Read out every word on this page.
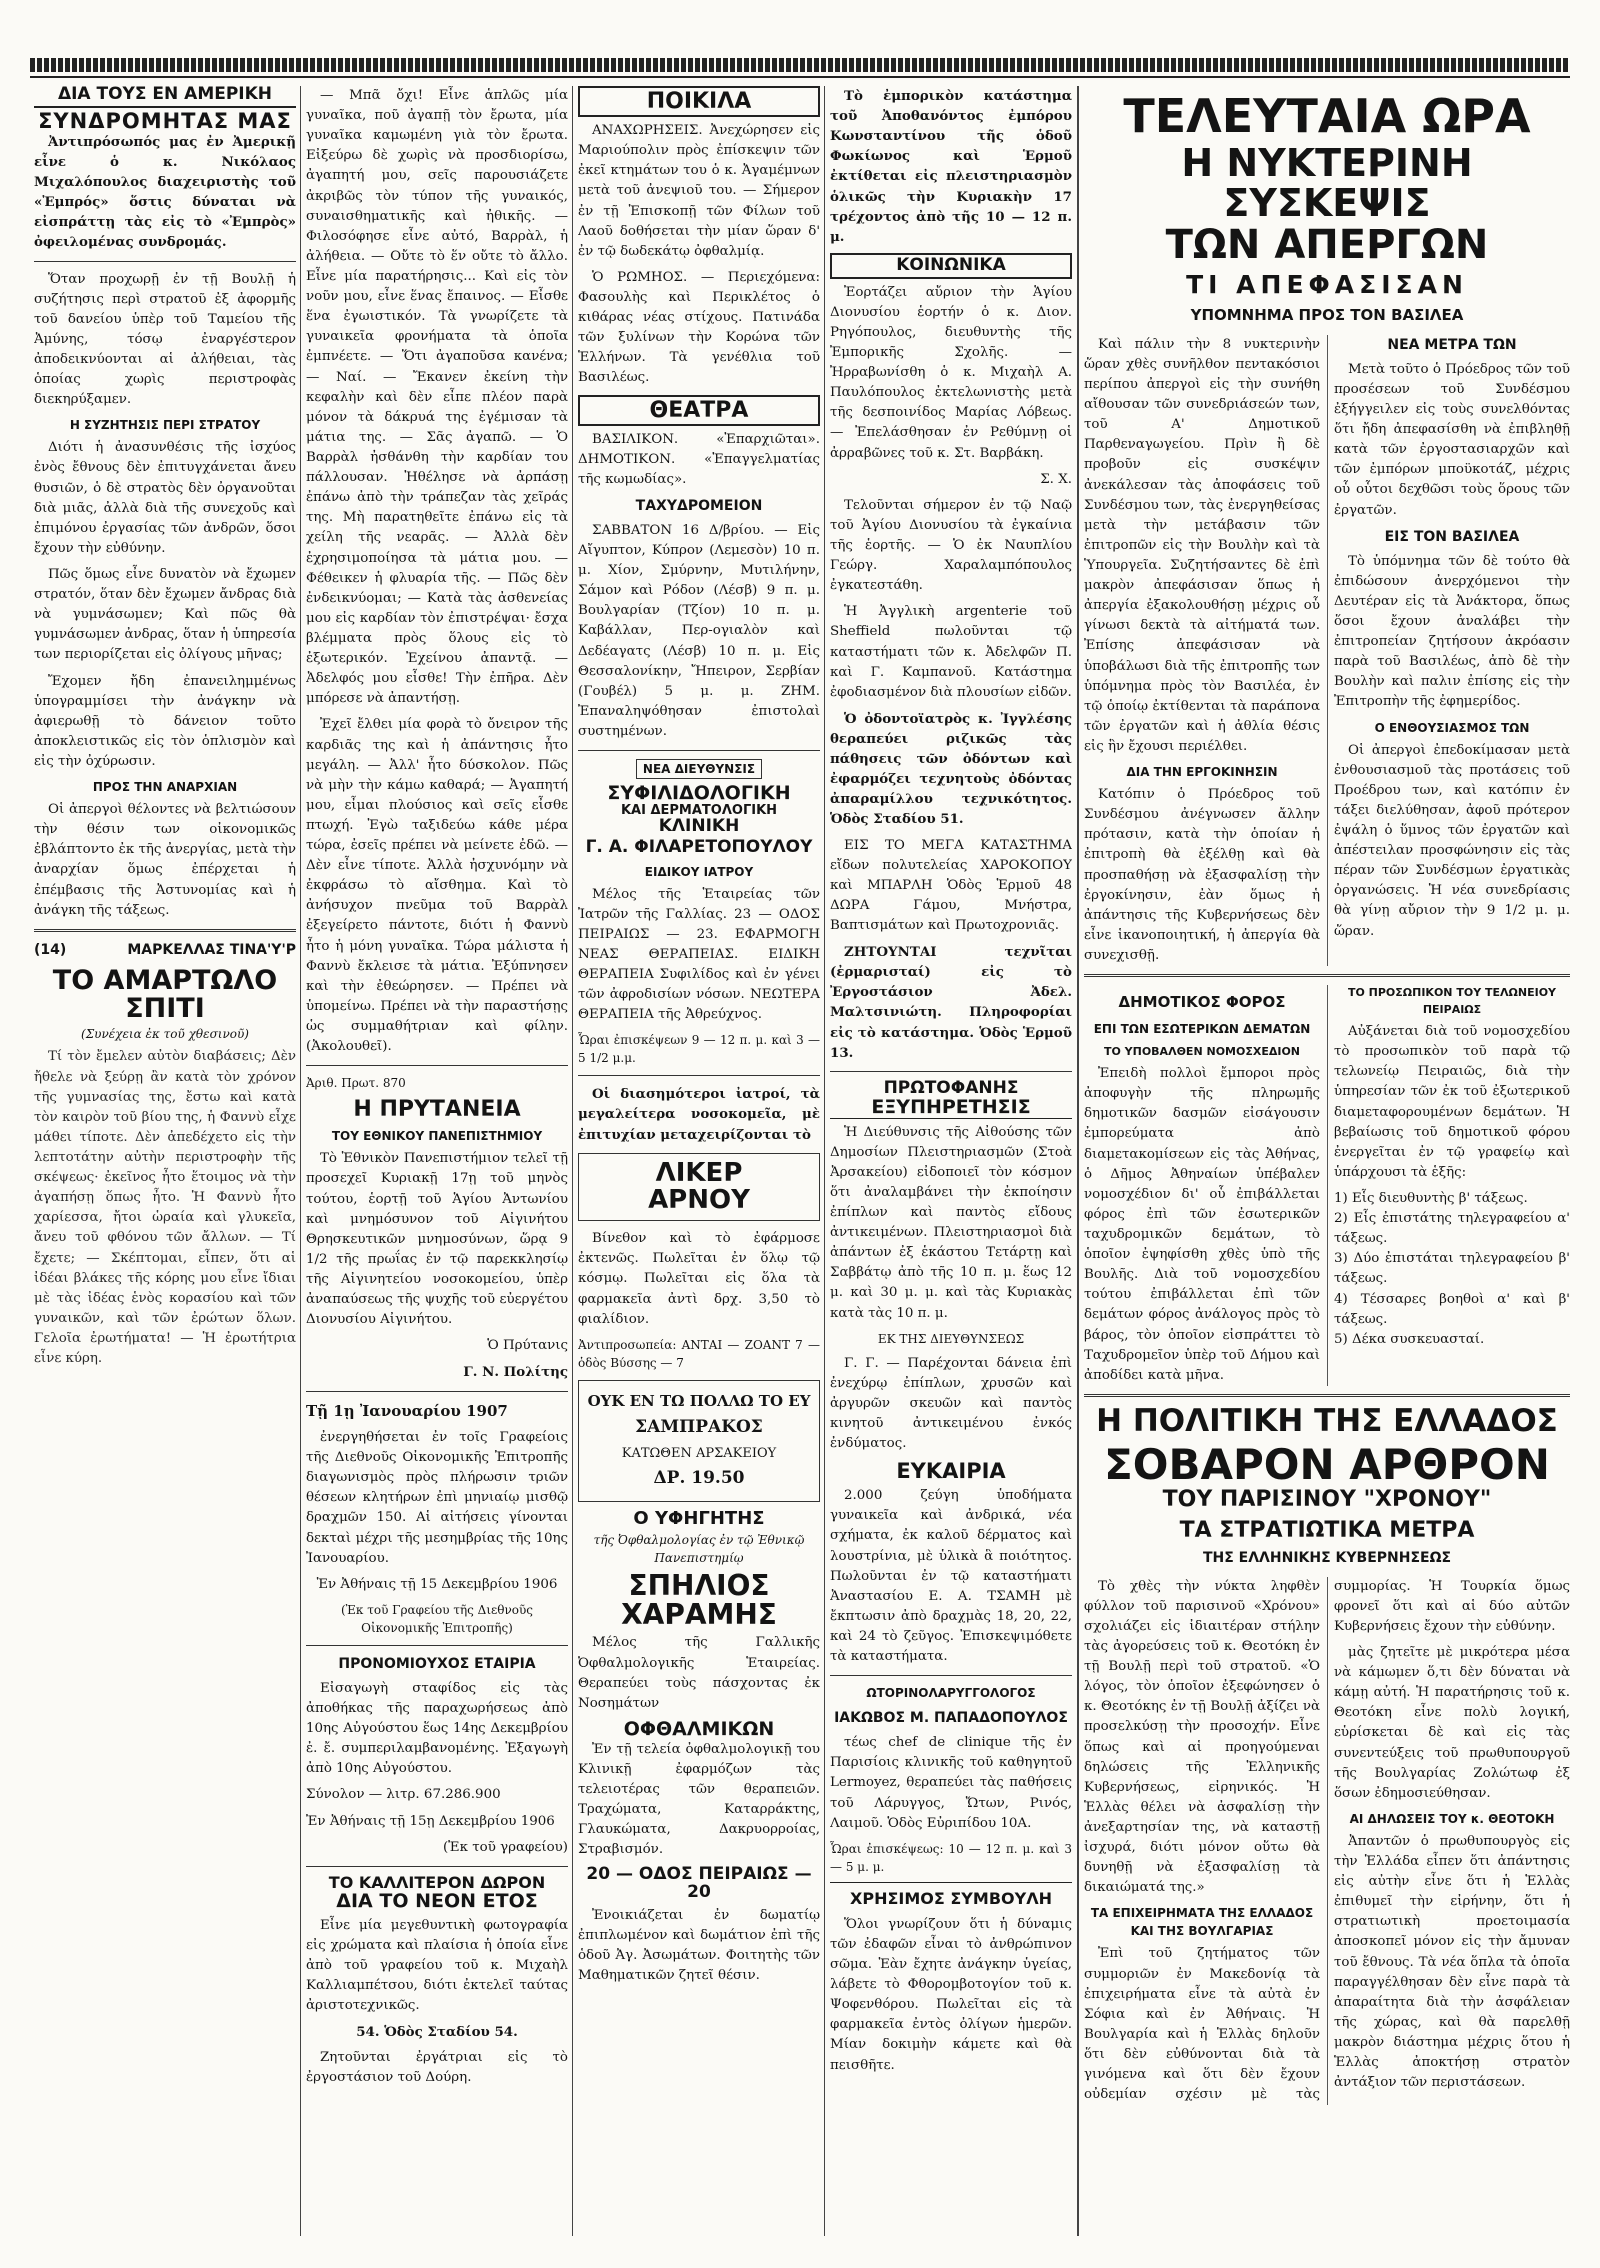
ΔΙΑ ΤΟΥΣ ΕΝ ΑΜΕΡΙΚΗ
ΣΥΝΔΡΟΜΗΤΑΣ ΜΑΣ

Ἀντιπρόσωπός μας ἐν Ἀμερικῇ εἶνε ὁ κ. Νικόλαος Μιχαλόπουλος διαχειριστὴς τοῦ «Ἐμπρός» ὅστις δύναται νὰ εἰσπράττῃ τὰς εἰς τὸ «Ἐμπρὸς» ὀφειλομένας συνδρομάς.

Ὅταν προχωρῇ ἐν τῇ Βουλῇ ἡ συζήτησις περὶ στρατοῦ ἐξ ἀφορμῆς τοῦ δανείου ὑπὲρ τοῦ Ταμείου τῆς Ἀμύνης, τόσῳ ἐναργέστερον ἀποδεικνύονται αἱ ἀλήθειαι, τὰς ὁποίας χωρὶς περιστροφὰς διεκηρύξαμεν.

Η ΣΥΖΗΤΗΣΙΣ ΠΕΡΙ ΣΤΡΑΤΟΥ

Διότι ἡ ἀνασυνθέσις τῆς ἰσχύος ἐνὸς ἔθνους δὲν ἐπιτυγχάνεται ἄνευ θυσιῶν, ὁ δὲ στρατὸς δὲν ὀργανοῦται διὰ μιᾶς, ἀλλὰ διὰ τῆς συνεχοῦς καὶ ἐπιμόνου ἐργασίας τῶν ἀνδρῶν, ὅσοι ἔχουν τὴν εὐθύνην.

Πῶς ὅμως εἶνε δυνατὸν νὰ ἔχωμεν στρατόν, ὅταν δὲν ἔχωμεν ἄνδρας διὰ νὰ γυμνάσωμεν; Καὶ πῶς θὰ γυμνάσωμεν ἀνδρας, ὅταν ἡ ὑπηρεσία των περιορίζεται εἰς ὀλίγους μῆνας;

Ἔχομεν ἤδη ἐπανειλημμένως ὑπογραμμίσει τὴν ἀνάγκην νὰ ἀφιερωθῇ τὸ δάνειον τοῦτο ἀποκλειστικῶς εἰς τὸν ὁπλισμὸν καὶ εἰς τὴν ὀχύρωσιν.

ΠΡΟΣ ΤΗΝ ΑΝΑΡΧΙΑΝ

Οἱ ἀπεργοὶ θέλοντες νὰ βελτιώσουν τὴν θέσιν των οἰκονομικῶς ἐβλάπτοντο ἐκ τῆς ἀνεργίας, μετὰ τὴν ἀναρχίαν ὅμως ἐπέρχεται ἡ ἐπέμβασις τῆς Ἀστυνομίας καὶ ἡ ἀνάγκη τῆς τάξεως.

(14)	ΜΑΡΚΕΛΛΑΣ ΤΙΝΑ'Υ'Ρ
ΤΟ ΑΜΑΡΤΩΛΟ ΣΠΙΤΙ
(Συνέχεια ἐκ τοῦ χθεσινοῦ)

Τί τὸν ἔμελεν αὐτὸν διαβάσεις; Δὲν ἤθελε νὰ ξεύρῃ ἂν κατὰ τὸν χρόνον τῆς γυμνασίας της, ἔστω καὶ κατὰ τὸν καιρὸν τοῦ βίου της, ἡ Φαννὺ εἶχε μάθει τίποτε. Δὲν ἀπεδέχετο εἰς τὴν λεπτοτάτην αὐτὴν περιστροφὴν τῆς σκέψεως· ἐκεῖνος ἦτο ἕτοιμος νὰ τὴν ἀγαπήσῃ ὅπως ἦτο. Ἡ Φαννὺ ἦτο χαρίεσσα, ἤτοι ὡραία καὶ γλυκεῖα, ἄνευ τοῦ φθόνου τῶν ἄλλων. — Τί ἔχετε; — Σκέπτομαι, εἶπεν, ὅτι αἱ ἰδέαι βλάκες τῆς κόρης μου εἶνε ἴδιαι μὲ τὰς ἰδέας ἑνὸς κορασίου καὶ τῶν γυναικῶν, καὶ τῶν ἐρώτων ὅλων. Γελοῖα ἐρωτήματα! — Ἡ ἐρωτήτρια εἶνε κύρη.

— Μπᾶ ὄχι! Εἶνε ἁπλῶς μία γυναῖκα, ποῦ ἀγαπῇ τὸν ἔρωτα, μία γυναῖκα καμωμένη γιὰ τὸν ἔρωτα. Εἰξεύρω δὲ χωρὶς νὰ προσδιορίσω, ἀγαπητή μου, σεῖς παρουσιάζετε ἀκριβῶς τὸν τύπον τῆς γυναικός, συναισθηματικῆς καὶ ἠθικῆς. — Φιλοσόφησε εἶνε αὐτό, Βαρρὰλ, ἡ ἀλήθεια. — Οὔτε τὸ ἕν οὔτε τὸ ἄλλο. Εἶνε μία παρατήρησις... Καὶ εἰς τὸν νοῦν μου, εἶνε ἕνας ἔπαινος. — Εἶσθε ἕνα ἐγωιστικόν. Τὰ γνωρίζετε τὰ γυναικεῖα φρονήματα τὰ ὁποῖα ἐμπνέετε. — Ὅτι ἀγαποῦσα κανένα; — Ναί. — Ἔκανεν ἐκείνη τὴν κεφαλὴν καὶ δὲν εἶπε πλέον παρὰ μόνον τὰ δάκρυά της ἐγέμισαν τὰ μάτια της. — Σᾶς ἀγαπῶ. — Ὁ Βαρρὰλ ἠσθάνθη τὴν καρδίαν του πάλλουσαν. Ἠθέλησε νὰ ἀρπάσῃ ἐπάνω ἀπὸ τὴν τράπεζαν τὰς χεῖράς της. Μὴ παρατηθεῖτε ἐπάνω εἰς τὰ χείλη τῆς νεαρᾶς. — Ἀλλὰ δὲν ἐχρησιμοποίησα τὰ μάτια μου. — Φέθεικεν ἡ φλυαρία τῆς. — Πῶς δὲν ἐνδεικνύομαι; — Κατὰ τὰς ἀσθενείας μου εἰς καρδίαν τὸν ἐπιστρέψαι· ἔσχα βλέμματα πρὸς ὅλους εἰς τὸ ἐξωτερικόν. Ἐχείνου ἀπαντᾷ. — Ἀδελφός μου εἶσθε! Τὴν ἐπῆρα. Δὲν μπόρεσε νὰ ἀπαντήσῃ.

Ἐχεῖ ἔλθει μία φορὰ τὸ ὄνειρον τῆς καρδιᾶς της καὶ ἡ ἀπάντησις ἦτο μεγάλη. — Ἀλλ' ἦτο δύσκολον. Πῶς νὰ μὴν τὴν κάμω καθαρά; — Ἀγαπητή μου, εἶμαι πλούσιος καὶ σεῖς εἶσθε πτωχή. Ἐγὼ ταξιδεύω κάθε μέρα τώρα, ἐσεῖς πρέπει νὰ μείνετε ἐδῶ. — Δὲν εἶνε τίποτε. Ἀλλὰ ἠσχυνόμην νὰ ἐκφράσω τὸ αἴσθημα. Καὶ τὸ ἀνήσυχον πνεῦμα τοῦ Βαρρὰλ ἐξεγείρετο πάντοτε, διότι ἡ Φαννὺ ἦτο ἡ μόνη γυναῖκα. Τώρα μάλιστα ἡ Φαννὺ ἔκλεισε τὰ μάτια. Ἐξύπνησεν καὶ τὴν ἐθεώρησεν. — Πρέπει νὰ ὑπομείνω. Πρέπει νὰ τὴν παραστήσῃς ὡς συμμαθήτριαν καὶ φίλην. (Ἀκολουθεῖ).

Ἀριθ. Πρωτ. 870

Η ΠΡΥΤΑΝΕΙΑ
ΤΟΥ ΕΘΝΙΚΟΥ ΠΑΝΕΠΙΣΤΗΜΙΟΥ

Τὸ Ἐθνικὸν Πανεπιστήμιον τελεῖ τῇ προσεχεῖ Κυριακῇ 17ῃ τοῦ μηνὸς τούτου, ἑορτῇ τοῦ Ἁγίου Ἀντωνίου καὶ μνημόσυνον τοῦ Αἰγινήτου Θρησκευτικῶν μνημοσύνων, ὥρᾳ 9 1/2 τῆς πρωΐας ἐν τῷ παρεκκλησίῳ τῆς Αἰγινητείου νοσοκομείου, ὑπὲρ ἀναπαύσεως τῆς ψυχῆς τοῦ εὐεργέτου Διονυσίου Αἰγινήτου.

Ὁ Πρύτανις

Γ. Ν. Πολίτης

Τῇ 1ῃ Ἰανουαρίου 1907

ἐνεργηθήσεται ἐν τοῖς Γραφείοις τῆς Διεθνοῦς Οἰκονομικῆς Ἐπιτροπῆς διαγωνισμὸς πρὸς πλήρωσιν τριῶν θέσεων κλητήρων ἐπὶ μηνιαίῳ μισθῷ δραχμῶν 150. Αἱ αἰτήσεις γίνονται δεκταὶ μέχρι τῆς μεσημβρίας τῆς 10ης Ἰανουαρίου.

Ἐν Ἀθήναις τῇ 15 Δεκεμβρίου 1906

(Ἐκ τοῦ Γραφείου τῆς Διεθνοῦς Οἰκονομικῆς Ἐπιτροπῆς)

ΠΡΟΝΟΜΙΟΥΧΟΣ ΕΤΑΙΡΙΑ

Εἰσαγωγὴ σταφίδος εἰς τὰς ἀποθήκας τῆς παραχωρήσεως ἀπὸ 10ης Αὐγούστου ἕως 14ης Δεκεμβρίου ἐ. ἔ. συμπεριλαμβανομένης. Ἐξαγωγὴ ἀπὸ 10ης Αὐγούστου.

Σύνολον — λιτρ. 67.286.900

Ἐν Ἀθήναις τῇ 15ῃ Δεκεμβρίου 1906

(Ἐκ τοῦ γραφείου)

ΤΟ ΚΑΛΛΙΤΕΡΟΝ ΔΩΡΟΝ
ΔΙΑ ΤΟ ΝΕΟΝ ΕΤΟΣ

Εἶνε μία μεγεθυντικὴ φωτογραφία εἰς χρώματα καὶ πλαίσια ἡ ὁποία εἶνε ἀπὸ τοῦ γραφείου τοῦ κ. Μιχαὴλ Καλλιαμπέτσου, διότι ἐκτελεῖ ταύτας ἀριστοτεχνικῶς.

54. Ὁδὸς Σταδίου 54.

Ζητοῦνται ἐργάτριαι εἰς τὸ ἐργοστάσιον τοῦ Δούρη.

ΠΟΙΚΙΛΑ

ΑΝΑΧΩΡΗΣΕΙΣ. Ἀνεχώρησεν εἰς Μαριούπολιν πρὸς ἐπίσκεψιν τῶν ἐκεῖ κτημάτων του ὁ κ. Ἀγαμέμνων μετὰ τοῦ ἀνεψιοῦ του. — Σήμερον ἐν τῇ Ἐπισκοπῇ τῶν Φίλων τοῦ Λαοῦ δοθήσεται τὴν μίαν ὥραν δ' ἐν τῷ δωδεκάτῳ ὀφθαλμίᾳ.

Ὁ ΡΩΜΗΟΣ. — Περιεχόμενα: Φασουλὴς καὶ Περικλέτος ὁ κιθάρας νέας στίχους. Πατινάδα τῶν ξυλίνων τὴν Κορώνα τῶν Ἑλλήνων. Τὰ γενέθλια τοῦ Βασιλέως.

ΘΕΑΤΡΑ

ΒΑΣΙΛΙΚΟΝ. «Ἐπαρχιῶται». ΔΗΜΟΤΙΚΟΝ. «Ἐπαγγελματίας τῆς κωμωδίας».

ΤΑΧΥΔΡΟΜΕΙΟΝ

ΣΑΒΒΑΤΟΝ 16 Δ/βρίου. — Εἰς Αἴγυπτον, Κύπρον (Λεμεσὸν) 10 π. μ. Χίον, Σμύρνην, Μυτιλήνην, Σάμον καὶ Ρόδον (Λέσβ) 9 π. μ. Βουλγαρίαν (Τζίον) 10 π. μ. Καβάλλαν, Περ-ογιαλὸν καὶ Δεδέαγατς (Λέσβ) 10 π. μ. Εἰς Θεσσαλονίκην, Ἤπειρον, Σερβίαν (Γουβέλ) 5 μ. μ. ΖΗΜ. Ἐπαναληψόθησαν ἐπιστολαὶ συστημένων.

ΝΕΑ ΔΙΕΥΘΥΝΣΙΣ
ΣΥΦΙΛΙΔΟΛΟΓΙΚΗ
ΚΑΙ ΔΕΡΜΑΤΟΛΟΓΙΚΗ
ΚΛΙΝΙΚΗ
Γ. Α. ΦΙΛΑΡΕΤΟΠΟΥΛΟΥ
ΕΙΔΙΚΟΥ ΙΑΤΡΟΥ

Μέλος τῆς Ἑταιρείας τῶν Ἰατρῶν τῆς Γαλλίας. 23 — ΟΔΟΣ ΠΕΙΡΑΙΩΣ — 23. ΕΦΑΡΜΟΓΗ ΝΕΑΣ ΘΕΡΑΠΕΙΑΣ. ΕΙΔΙΚΗ ΘΕΡΑΠΕΙΑ Συφιλίδος καὶ ἐν γένει τῶν ἀφροδισίων νόσων. ΝΕΩΤΕΡΑ ΘΕΡΑΠΕΙΑ τῆς Ἀθρεύχνος.

Ὧραι ἐπισκέψεων 9 — 12 π. μ. καὶ 3 — 5 1/2 μ.μ.

Οἱ διασημότεροι ἰατροί, τὰ μεγαλείτερα νοσοκομεῖα, μὲ ἐπιτυχίαν μεταχειρίζονται τὸ

ΛΙΚΕΡ
ΑΡΝΟΥ

Βίνεθον καὶ τὸ ἐφάρμοσε ἐκτενῶς. Πωλεῖται ἐν ὅλῳ τῷ κόσμῳ. Πωλεῖται εἰς ὅλα τὰ φαρμακεῖα ἀντὶ δρχ. 3,50 τὸ φιαλίδιον.

Ἀντιπροσωπεία: ΑΝΤΑΙ — ΖΟΑΝΤ 7 — ὁδὸς Βύσσης — 7

ΟΥΚ ΕΝ ΤΩ ΠΟΛΛΩ ΤΟ ΕΥ

ΣΑΜΠΡΑΚΟΣ

ΚΑΤΩΘΕΝ ΑΡΣΑΚΕΙΟΥ

ΔΡ. 19.50

Ο ΥΦΗΓΗΤΗΣ
τῆς Ὀφθαλμολογίας ἐν τῷ Ἐθνικῷ Πανεπιστημίῳ
ΣΠΗΛΙΟΣ
ΧΑΡΑΜΗΣ

Μέλος τῆς Γαλλικῆς Ὀφθαλμολογικῆς Ἑταιρείας. Θεραπεύει τοὺς πάσχοντας ἐκ Νοσημάτων

ΟΦΘΑΛΜΙΚΩΝ

Ἐν τῇ τελεία ὀφθαλμολογικῇ του Κλινικῇ ἐφαρμόζων τὰς τελειοτέρας τῶν θεραπειῶν. Τραχώματα, Καταρράκτης, Γλαυκώματα, Δακρυορροίας, Στραβισμόν.

20 — ΟΔΟΣ ΠΕΙΡΑΙΩΣ — 20

Ἐνοικιάζεται ἐν δωματίῳ ἐπιπλωμένον καὶ δωμάτιον ἐπὶ τῆς ὁδοῦ Ἀγ. Ἀσωμάτων. Φοιτητὴς τῶν Μαθηματικῶν ζητεῖ θέσιν.

Τὸ ἐμπορικὸν κατάστημα τοῦ Ἀποθανόντος ἐμπόρου Κωνσταντίνου τῆς ὁδοῦ Φωκίωνος καὶ Ἑρμοῦ ἐκτίθεται εἰς πλειστηριασμὸν ὁλικῶς τὴν Κυριακὴν 17 τρέχοντος ἀπὸ τῆς 10 — 12 π. μ.

ΚΟΙΝΩΝΙΚΑ

Ἐορτάζει αὔριον τὴν Ἁγίου Διονυσίου ἑορτήν ὁ κ. Διον. Ρηγόπουλος, διευθυντὴς τῆς Ἐμπορικῆς Σχολῆς. — Ἠρραβωνίσθη ὁ κ. Μιχαὴλ Α. Παυλόπουλος ἐκτελωνιστὴς μετὰ τῆς δεσποινίδος Μαρίας Λόβεως. — Ἐπελάσθησαν ἐν Ρεθύμνῃ οἱ ἀρραβῶνες τοῦ κ. Στ. Βαρβάκη.

Σ. Χ.

Τελοῦνται σήμερον ἐν τῷ Ναῷ τοῦ Ἁγίου Διονυσίου τὰ ἐγκαίνια τῆς ἑορτῆς. — Ὁ ἐκ Ναυπλίου Γεώργ. Χαραλαμπόπουλος ἐγκατεστάθη.

Ἡ Ἀγγλικὴ argenterie τοῦ Sheffield πωλοῦνται τῷ καταστήματι τῶν κ. Ἀδελφῶν Π. καὶ Γ. Καμπανοῦ. Κατάστημα ἐφοδιασμένον διὰ πλουσίων εἰδῶν.

Ὁ ὀδοντοϊατρὸς κ. Ἰγγλέσης θεραπεύει ριζικῶς τὰς πάθησεις τῶν ὀδόντων καὶ ἐφαρμόζει τεχνητοὺς ὀδόντας ἀπαραμίλλου τεχνικότητος. Ὁδὸς Σταδίου 51.

ΕΙΣ ΤΟ ΜΕΓΑ ΚΑΤΑΣΤΗΜΑ εἴδων πολυτελείας ΧΑΡΟΚΟΠΟΥ καὶ ΜΠΑΡΛΗ Ὁδὸς Ἑρμοῦ 48 ΔΩΡΑ Γάμου, Μνήστρα, Βαπτισμάτων καὶ Πρωτοχρονιᾶς.

ΖΗΤΟΥΝΤΑΙ τεχνῖται (ἐρμαρισταί) εἰς τὸ Ἐργοστάσιον Ἀδελ. Μαλτσινιώτη. Πληροφορίαι εἰς τὸ κατάστημα. Ὁδὸς Ἑρμοῦ 13.

ΠΡΩΤΟΦΑΝΗΣ
ΕΞΥΠΗΡΕΤΗΣΙΣ

Ἡ Διεύθυνσις τῆς Αἰθούσης τῶν Δημοσίων Πλειστηριασμῶν (Στοὰ Ἀρσακείου) εἰδοποιεῖ τὸν κόσμον ὅτι ἀναλαμβάνει τὴν ἐκποίησιν ἐπίπλων καὶ παντὸς εἴδους ἀντικειμένων. Πλειστηριασμοὶ διὰ ἀπάντων ἐξ ἑκάστου Τετάρτῃ καὶ Σαββάτῳ ἀπὸ τῆς 10 π. μ. ἕως 12 μ. καὶ 30 μ. μ. καὶ τὰς Κυριακὰς κατὰ τὰς 10 π. μ.

ΕΚ ΤΗΣ ΔΙΕΥΘΥΝΣΕΩΣ

Γ. Γ. — Παρέχονται δάνεια ἐπὶ ἐνεχύρῳ ἐπίπλων, χρυσῶν καὶ ἀργυρῶν σκευῶν καὶ παντὸς κινητοῦ ἀντικειμένου ἐνκός ἐνδύματος.

ΕΥΚΑΙΡΙΑ

2.000 ζεύγη ὑποδήματα γυναικεῖα καὶ ἀνδρικά, νέα σχήματα, ἐκ καλοῦ δέρματος καὶ λουστρίνια, μὲ ὑλικὰ ἃ ποιότητος. Πωλοῦνται ἐν τῷ καταστήματι Ἀναστασίου Ε. Α. ΤΣΑΜΗ μὲ ἔκπτωσιν ἀπὸ δραχμὰς 18, 20, 22, καὶ 24 τὸ ζεῦγος. Ἐπισκεψιμόθετε τὰ καταστήματα.

ΩΤΟΡΙΝΟΛΑΡΥΓΓΟΛΟΓΟΣ
ΙΑΚΩΒΟΣ Μ. ΠΑΠΑΔΟΠΟΥΛΟΣ

τέως chef de clinique τῆς ἐν Παρισίοις κλινικῆς τοῦ καθηγητοῦ Lermoyez, θεραπεύει τὰς παθήσεις τοῦ Λάρυγγος, Ὤτων, Ρινός, Λαιμοῦ. Ὁδὸς Εὐριπίδου 10Α.

Ὧραι ἐπισκέψεως: 10 — 12 π. μ. καὶ 3 — 5 μ. μ.

ΧΡΗΣΙΜΟΣ ΣΥΜΒΟΥΛΗ

Ὅλοι γνωρίζουν ὅτι ἡ δύναμις τῶν ἐδαφῶν εἶναι τὸ ἀνθρώπινον σῶμα. Ἐὰν ἔχητε ἀνάγκην ὑγείας, λάβετε τὸ Φθορομβοτογίον τοῦ κ. Ψοφενθόρου. Πωλεῖται εἰς τὰ φαρμακεῖα ἐντὸς ὀλίγων ἡμερῶν. Μίαν δοκιμὴν κάμετε καὶ θὰ πεισθῆτε.

ΤΕΛΕΥΤΑΙΑ ΩΡΑ
Η ΝΥΚΤΕΡΙΝΗ ΣΥΣΚΕΨΙΣ
ΤΩΝ ΑΠΕΡΓΩΝ
ΤΙ ΑΠΕΦΑΣΙΣΑΝ
ΥΠΟΜΝΗΜΑ ΠΡΟΣ ΤΟΝ ΒΑΣΙΛΕΑ

Καὶ πάλιν τὴν 8 νυκτερινὴν ὥραν χθὲς συνῆλθον πεντακόσιοι περίπου ἀπεργοὶ εἰς τὴν συνήθη αἴθουσαν τῶν συνεδριάσεών των, τοῦ Α' Δημοτικοῦ Παρθεναγωγείου. Πρὶν ἢ δὲ προβοῦν εἰς συσκέψιν ἀνεκάλεσαν τὰς ἀποφάσεις τοῦ Συνδέσμου των, τὰς ἐνεργηθείσας μετὰ τὴν μετάβασιν τῶν ἐπιτροπῶν εἰς τὴν Βουλὴν καὶ τὰ Ὑπουργεῖα. Συζητήσαντες δὲ ἐπὶ μακρὸν ἀπεφάσισαν ὅπως ἡ ἀπεργία ἐξακολουθήσῃ μέχρις οὗ γίνωσι δεκτὰ τὰ αἰτήματά των. Ἐπίσης ἀπεφάσισαν νὰ ὑποβάλωσι διὰ τῆς ἐπιτροπῆς των ὑπόμνημα πρὸς τὸν Βασιλέα, ἐν τῷ ὁποίῳ ἐκτίθενται τὰ παράπονα τῶν ἐργατῶν καὶ ἡ ἀθλία θέσις εἰς ἣν ἔχουσι περιέλθει.

ΔΙΑ ΤΗΝ ΕΡΓΟΚΙΝΗΣΙΝ

Κατόπιν ὁ Πρόεδρος τοῦ Συνδέσμου ἀνέγνωσεν ἄλλην πρότασιν, κατὰ τὴν ὁποίαν ἡ ἐπιτροπὴ θὰ ἐξέλθῃ καὶ θὰ προσπαθήσῃ νὰ ἐξασφαλίσῃ τὴν ἐργοκίνησιν, ἐὰν ὅμως ἡ ἀπάντησις τῆς Κυβερνήσεως δὲν εἶνε ἱκανοποιητική, ἡ ἀπεργία θὰ συνεχισθῇ.

ΝΕΑ ΜΕΤΡΑ ΤΩΝ

Μετὰ τοῦτο ὁ Πρόεδρος τῶν τοῦ προσέσεων τοῦ Συνδέσμου ἐξήγγειλεν εἰς τοὺς συνελθόντας ὅτι ἤδη ἀπεφασίσθη νὰ ἐπιβληθῇ κατὰ τῶν ἐργοστασιαρχῶν καὶ τῶν ἐμπόρων μποϋκοτάζ, μέχρις οὗ οὗτοι δεχθῶσι τοὺς ὅρους τῶν ἐργατῶν.

ΕΙΣ ΤΟΝ ΒΑΣΙΛΕΑ

Τὸ ὑπόμνημα τῶν δὲ τούτο θὰ ἐπιδώσουν ἀνερχόμενοι τὴν Δευτέραν εἰς τὰ Ἀνάκτορα, ὅπως ὅσοι ἔχουν ἀναλάβει τὴν ἐπιτροπείαν ζητήσουν ἀκρόασιν παρὰ τοῦ Βασιλέως, ἀπὸ δὲ τὴν Βουλὴν καὶ παλιν ἐπίσης εἰς τὴν Ἐπιτροπὴν τῆς ἐφημερίδος.

Ο ΕΝΘΟΥΣΙΑΣΜΟΣ ΤΩΝ

Οἱ ἀπεργοὶ ἐπεδοκίμασαν μετὰ ἐνθουσιασμοῦ τὰς προτάσεις τοῦ Προέδρου των, καὶ κατόπιν ἐν τάξει διελύθησαν, ἀφοῦ πρότερον ἐψάλη ὁ ὕμνος τῶν ἐργατῶν καὶ ἀπέστειλαν προσφώνησιν εἰς τὰς πέραν τῶν Συνδέσμων ἐργατικὰς ὀργανώσεις. Ἡ νέα συνεδρίασις θὰ γίνῃ αὔριον τὴν 9 1/2 μ. μ. ὥραν.

ΔΗΜΟΤΙΚΟΣ ΦΟΡΟΣ
ΕΠΙ ΤΩΝ ΕΣΩΤΕΡΙΚΩΝ ΔΕΜΑΤΩΝ
ΤΟ ΥΠΟΒΑΛΘΕΝ ΝΟΜΟΣΧΕΔΙΟΝ

Ἐπειδὴ πολλοὶ ἔμποροι πρὸς ἀποφυγὴν τῆς πληρωμῆς δημοτικῶν δασμῶν εἰσάγουσιν ἐμπορεύματα ἀπὸ διαμετακομίσεων εἰς τὰς Ἀθήνας, ὁ Δῆμος Ἀθηναίων ὑπέβαλεν νομοσχέδιον δι' οὗ ἐπιβάλλεται φόρος ἐπὶ τῶν ἐσωτερικῶν ταχυδρομικῶν δεμάτων, τὸ ὁποῖον ἐψηφίσθη χθὲς ὑπὸ τῆς Βουλῆς. Διὰ τοῦ νομοσχεδίου τούτου ἐπιβάλλεται ἐπὶ τῶν δεμάτων φόρος ἀνάλογος πρὸς τὸ βάρος, τὸν ὁποῖον εἰσπράττει τὸ Ταχυδρομεῖον ὑπὲρ τοῦ Δήμου καὶ ἀποδίδει κατὰ μῆνα.

ΤΟ ΠΡΟΣΩΠΙΚΟΝ ΤΟΥ ΤΕΛΩΝΕΙΟΥ ΠΕΙΡΑΙΩΣ

Αὐξάνεται διὰ τοῦ νομοσχεδίου τὸ προσωπικὸν τοῦ παρὰ τῷ τελωνείῳ Πειραιῶς, διὰ τὴν ὑπηρεσίαν τῶν ἐκ τοῦ ἐξωτερικοῦ διαμεταφορουμένων δεμάτων. Ἡ βεβαίωσις τοῦ δημοτικοῦ φόρου ἐνεργεῖται ἐν τῷ γραφείῳ καὶ ὑπάρχουσι τὰ ἑξῆς:

1) Εἷς διευθυντὴς β' τάξεως.
2) Εἷς ἐπιστάτης τηλεγραφείου α' τάξεως.
3) Δύο ἐπιστάται τηλεγραφείου β' τάξεως.
4) Τέσσαρες βοηθοὶ α' καὶ β' τάξεως.
5) Δέκα συσκευασταί.
Η ΠΟΛΙΤΙΚΗ ΤΗΣ ΕΛΛΑΔΟΣ
ΣΟΒΑΡΟΝ ΑΡΘΡΟΝ
ΤΟΥ ΠΑΡΙΣΙΝΟΥ "ΧΡΟΝΟΥ"
ΤΑ ΣΤΡΑΤΙΩΤΙΚΑ ΜΕΤΡΑ
ΤΗΣ ΕΛΛΗΝΙΚΗΣ ΚΥΒΕΡΝΗΣΕΩΣ

Τὸ χθὲς τὴν νύκτα ληφθὲν φύλλον τοῦ παρισινοῦ «Χρόνου» σχολιάζει εἰς ἰδιαιτέραν στήλην τὰς ἀγορεύσεις τοῦ κ. Θεοτόκη ἐν τῇ Βουλῇ περὶ τοῦ στρατοῦ. «Ὁ λόγος, τὸν ὁποῖον ἐξεφώνησεν ὁ κ. Θεοτόκης ἐν τῇ Βουλῇ ἀξίζει νὰ προσελκύσῃ τὴν προσοχήν. Εἶνε ὅπως καὶ αἱ προηγούμεναι δηλώσεις τῆς Ἑλληνικῆς Κυβερνήσεως, εἰρηνικός. Ἡ Ἑλλὰς θέλει νὰ ἀσφαλίσῃ τὴν ἀνεξαρτησίαν της, νὰ καταστῇ ἰσχυρά, διότι μόνον οὕτω θὰ δυνηθῇ νὰ ἐξασφαλίσῃ τὰ δικαιώματά της.»

ΤΑ ΕΠΙΧΕΙΡΗΜΑΤΑ ΤΗΣ ΕΛΛΑΔΟΣ ΚΑΙ ΤΗΣ ΒΟΥΛΓΑΡΙΑΣ

Ἐπὶ τοῦ ζητήματος τῶν συμμοριῶν ἐν Μακεδονίᾳ τὰ ἐπιχειρήματα εἶνε τὰ αὐτὰ ἐν Σόφια καὶ ἐν Ἀθήναις. Ἡ Βουλγαρία καὶ ἡ Ἑλλὰς δηλοῦν ὅτι δὲν εὐθύνονται διὰ τὰ γινόμενα καὶ ὅτι δὲν ἔχουν οὐδεμίαν σχέσιν μὲ τὰς συμμορίας. Ἡ Τουρκία ὅμως φρονεῖ ὅτι καὶ αἱ δύο αὐτῶν Κυβερνήσεις ἔχουν τὴν εὐθύνην.

μὰς ζητεῖτε μὲ μικρότερα μέσα νὰ κάμωμεν ὅ,τι δὲν δύναται νὰ κάμῃ αὐτή. Ἡ παρατήρησις τοῦ κ. Θεοτόκη εἶνε πολὺ λογική, εὑρίσκεται δὲ καὶ εἰς τὰς συνεντεύξεις τοῦ πρωθυπουργοῦ τῆς Βουλγαρίας Ζολώτωφ ἐξ ὅσων ἐδημοσιεύθησαν.

ΑΙ ΔΗΛΩΣΕΙΣ ΤΟΥ κ. ΘΕΟΤΟΚΗ

Ἀπαντῶν ὁ πρωθυπουργὸς εἰς τὴν Ἑλλάδα εἶπεν ὅτι ἀπάντησις εἰς αὐτὴν εἶνε ὅτι ἡ Ἑλλὰς ἐπιθυμεῖ τὴν εἰρήνην, ὅτι ἡ στρατιωτικὴ προετοιμασία ἀποσκοπεῖ μόνον εἰς τὴν ἄμυναν τοῦ ἔθνους. Τὰ νέα ὅπλα τὰ ὁποῖα παραγγέλθησαν δὲν εἶνε παρὰ τὰ ἀπαραίτητα διὰ τὴν ἀσφάλειαν τῆς χώρας, καὶ θὰ παρελθῇ μακρὸν διάστημα μέχρις ὅτου ἡ Ἑλλὰς ἀποκτήσῃ στρατὸν ἀντάξιον τῶν περιστάσεων.
